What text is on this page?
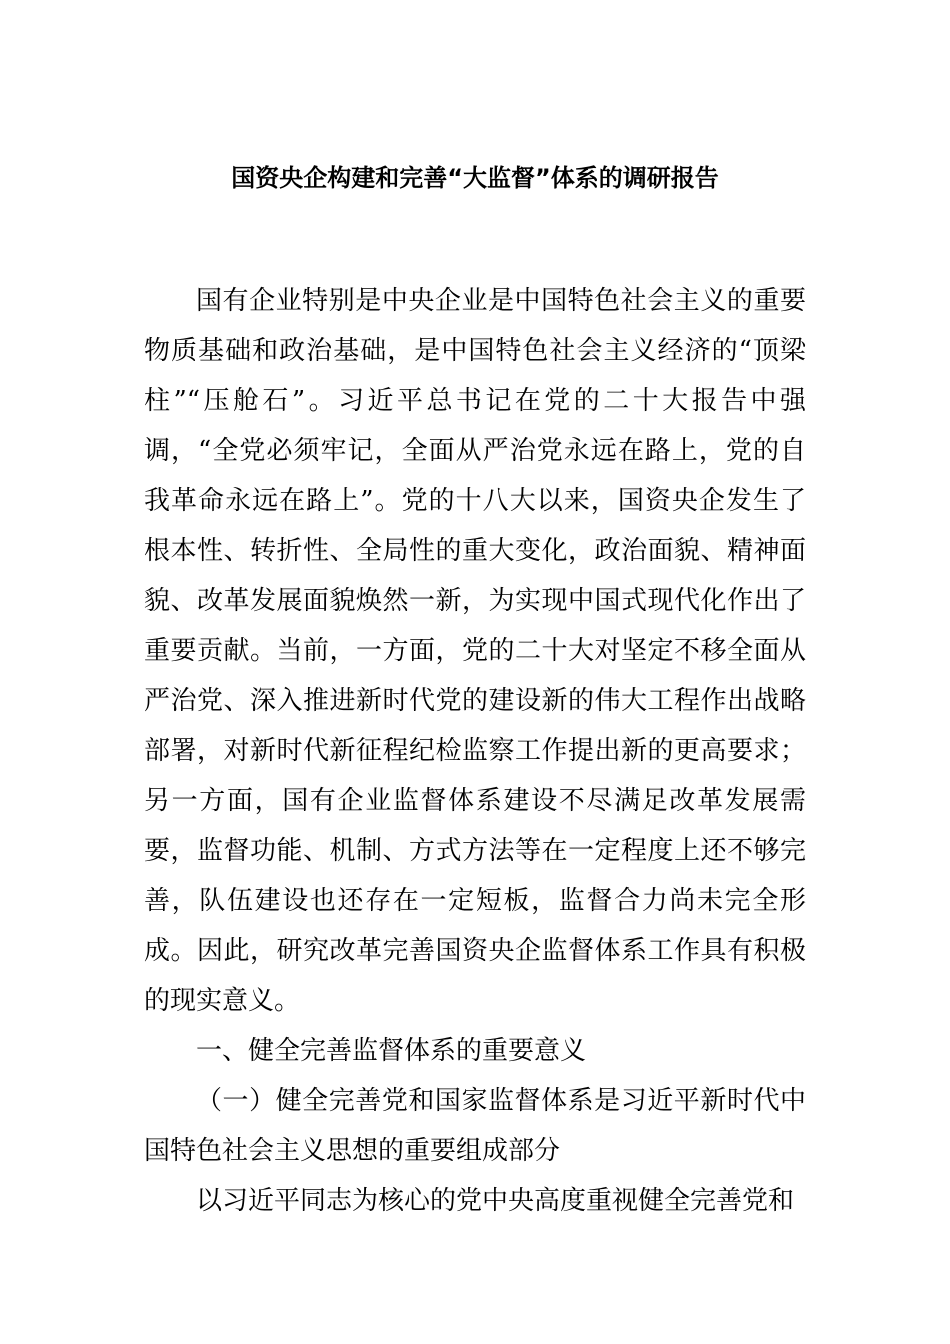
国资央企构建和完善“大监督”体系的调研报告

国有企业特别是中央企业是中国特色社会主义的重要物质基础和政治基础，是中国特色社会主义经济的“顶梁柱”“压舱石”。习近平总书记在党的二十大报告中强调，“全党必须牢记，全面从严治党永远在路上，党的自我革命永远在路上”。党的十八大以来，国资央企发生了根本性、转折性、全局性的重大变化，政治面貌、精神面貌、改革发展面貌焕然一新，为实现中国式现代化作出了重要贡献。当前，一方面，党的二十大对坚定不移全面从严治党、深入推进新时代党的建设新的伟大工程作出战略部署，对新时代新征程纪检监察工作提出新的更高要求；另一方面，国有企业监督体系建设不尽满足改革发展需要，监督功能、机制、方式方法等在一定程度上还不够完善，队伍建设也还存在一定短板，监督合力尚未完全形成。因此，研究改革完善国资央企监督体系工作具有积极的现实意义。

一、健全完善监督体系的重要意义

（一）健全完善党和国家监督体系是习近平新时代中国特色社会主义思想的重要组成部分

以习近平同志为核心的党中央高度重视健全完善党和
